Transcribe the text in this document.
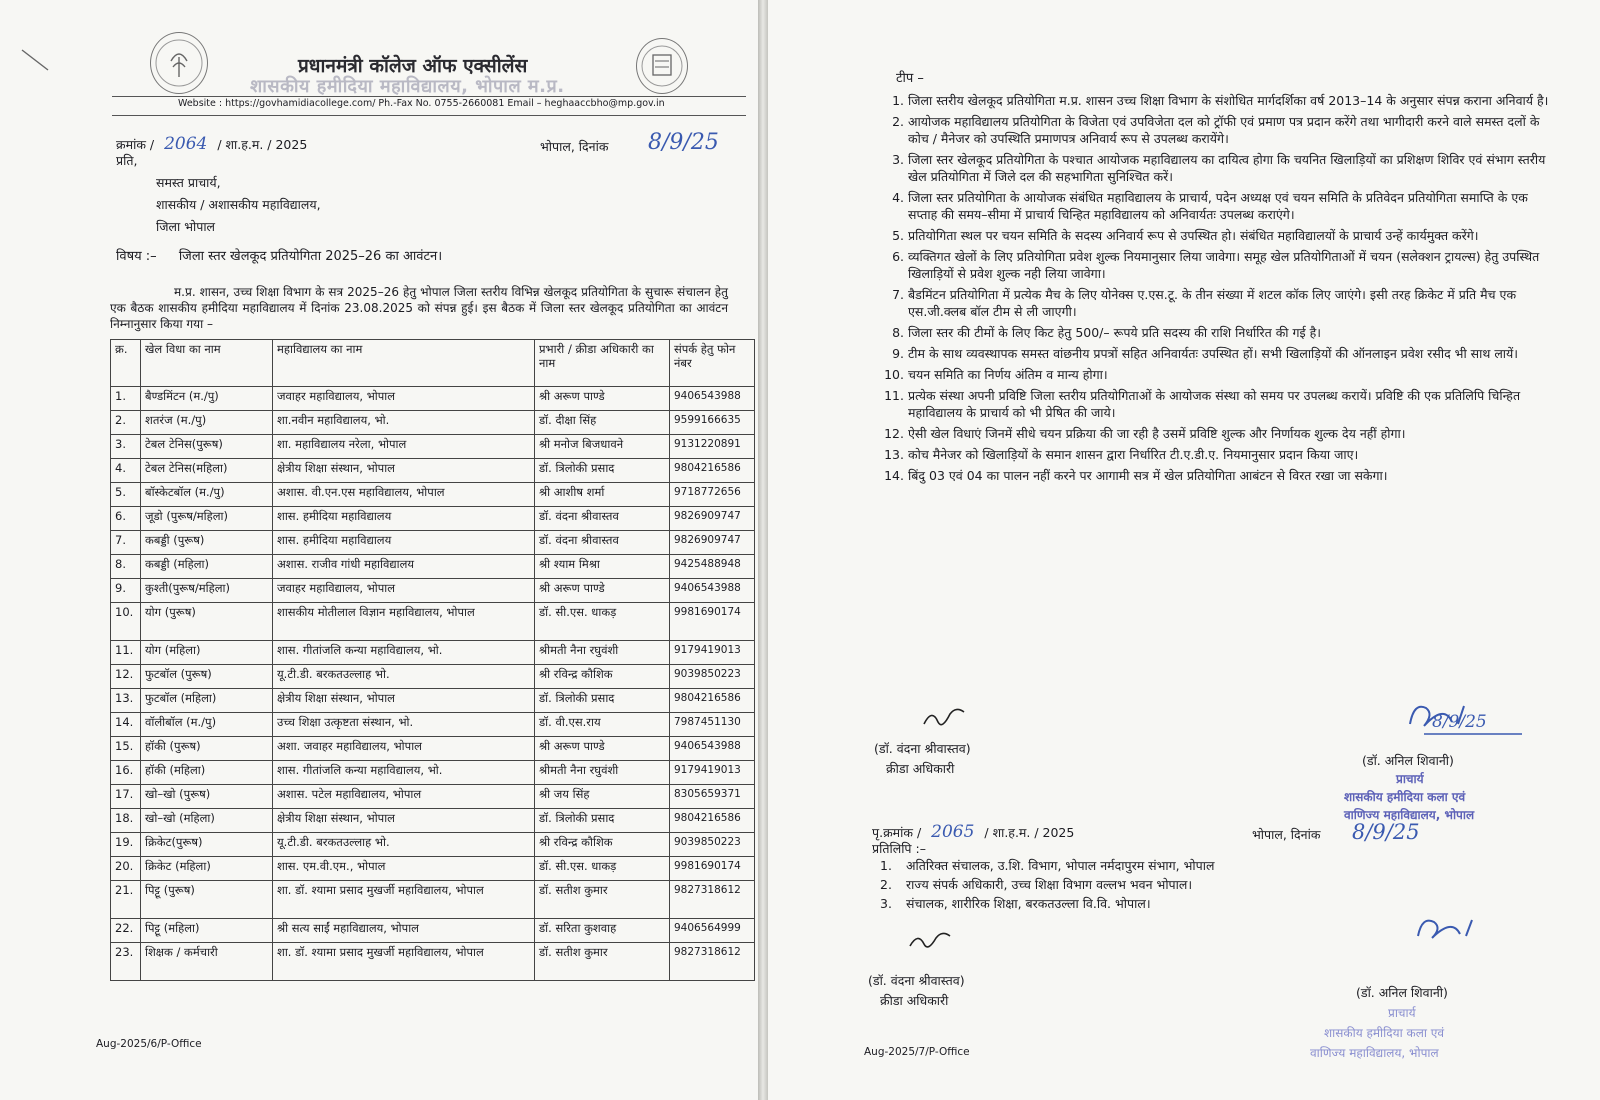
प्रधानमंत्री कॉलेज ऑफ एक्सीलेंस
शासकीय हमीदिया महाविद्यालय, भोपाल म.प्र.
Website : https://govhamidiacollege.com/ Ph.-Fax No. 0755-2660081 Email – heghaaccbho@mp.gov.in
क्रमांक / 2064 / शा.ह.म. / 2025	भोपाल, दिनांक 8/9/25
प्रति,
समस्त प्राचार्य,
शासकीय / अशासकीय महाविद्यालय,
जिला भोपाल
विषय :– जिला स्तर खेलकूद प्रतियोगिता 2025–26 का आवंटन।
म.प्र. शासन, उच्च शिक्षा विभाग के सत्र 2025–26 हेतु भोपाल जिला स्तरीय विभिन्न खेलकूद प्रतियोगिता के सुचारू संचालन हेतु एक बैठक शासकीय हमीदिया महाविद्यालय में दिनांक 23.08.2025 को संपन्न हुई। इस बैठक में जिला स्तर खेलकूद प्रतियोगिता का आवंटन निम्नानुसार किया गया –
क्र.	खेल विधा का नाम	महाविद्यालय का नाम	प्रभारी / क्रीडा अधिकारी का नाम	संपर्क हेतु फोन नंबर
1.	बैण्डमिंटन (म./पु)	जवाहर महाविद्यालय, भोपाल	श्री अरूण पाण्डे	9406543988
2.	शतरंज (म./पु)	शा.नवीन महाविद्यालय, भो.	डॉ. दीक्षा सिंह	9599166635
3.	टेबल टेनिस(पुरूष)	शा. महाविद्यालय नरेला, भोपाल	श्री मनोज बिजधावने	9131220891
4.	टेबल टेनिस(महिला)	क्षेत्रीय शिक्षा संस्थान, भोपाल	डॉ. त्रिलोकी प्रसाद	9804216586
5.	बॉस्केटबॉल (म./पु)	अशास. वी.एन.एस महाविद्यालय, भोपाल	श्री आशीष शर्मा	9718772656
6.	जूडो (पुरूष/महिला)	शास. हमीदिया महाविद्यालय	डॉ. वंदना श्रीवास्तव	9826909747
7.	कबड्डी (पुरूष)	शास. हमीदिया महाविद्यालय	डॉ. वंदना श्रीवास्तव	9826909747
8.	कबड्डी (महिला)	अशास. राजीव गांधी महाविद्यालय	श्री श्याम मिश्रा	9425488948
9.	कुश्ती(पुरूष/महिला)	जवाहर महाविद्यालय, भोपाल	श्री अरूण पाण्डे	9406543988
10.	योग (पुरूष)	शासकीय मोतीलाल विज्ञान महाविद्यालय, भोपाल	डॉ. सी.एस. धाकड़	9981690174
11.	योग (महिला)	शास. गीतांजलि कन्या महाविद्यालय, भो.	श्रीमती नैना रघुवंशी	9179419013
12.	फुटबॉल (पुरूष)	यू.टी.डी. बरकतउल्लाह भो.	श्री रविन्द्र कौशिक	9039850223
13.	फुटबॉल (महिला)	क्षेत्रीय शिक्षा संस्थान, भोपाल	डॉ. त्रिलोकी प्रसाद	9804216586
14.	वॉलीबॉल (म./पु)	उच्च शिक्षा उत्कृष्टता संस्थान, भो.	डॉ. वी.एस.राय	7987451130
15.	हॉकी (पुरूष)	अशा. जवाहर महाविद्यालय, भोपाल	श्री अरूण पाण्डे	9406543988
16.	हॉकी (महिला)	शास. गीतांजलि कन्या महाविद्यालय, भो.	श्रीमती नैना रघुवंशी	9179419013
17.	खो–खो (पुरूष)	अशास. पटेल महाविद्यालय, भोपाल	श्री जय सिंह	8305659371
18.	खो–खो (महिला)	क्षेत्रीय शिक्षा संस्थान, भोपाल	डॉ. त्रिलोकी प्रसाद	9804216586
19.	क्रिकेट(पुरूष)	यू.टी.डी. बरकतउल्लाह भो.	श्री रविन्द्र कौशिक	9039850223
20.	क्रिकेट (महिला)	शास. एम.वी.एम., भोपाल	डॉ. सी.एस. धाकड़	9981690174
21.	पिट्टू (पुरूष)	शा. डॉ. श्यामा प्रसाद मुखर्जी महाविद्यालय, भोपाल	डॉ. सतीश कुमार	9827318612
22.	पिट्टू (महिला)	श्री सत्य साईं महाविद्यालय, भोपाल	डॉ. सरिता कुशवाह	9406564999
23.	शिक्षक / कर्मचारी	शा. डॉ. श्यामा प्रसाद मुखर्जी महाविद्यालय, भोपाल	डॉ. सतीश कुमार	9827318612
Aug-2025/6/P-Office
टीप –
1. जिला स्तरीय खेलकूद प्रतियोगिता म.प्र. शासन उच्च शिक्षा विभाग के संशोधित मार्गदर्शिका वर्ष 2013–14 के अनुसार संपन्न कराना अनिवार्य है।
2. आयोजक महाविद्यालय प्रतियोगिता के विजेता एवं उपविजेता दल को ट्रॉफी एवं प्रमाण पत्र प्रदान करेंगे तथा भागीदारी करने वाले समस्त दलों के कोच / मैनेजर को उपस्थिति प्रमाणपत्र अनिवार्य रूप से उपलब्ध करायेंगे।
3. जिला स्तर खेलकूद प्रतियोगिता के पश्चात आयोजक महाविद्यालय का दायित्व होगा कि चयनित खिलाड़ियों का प्रशिक्षण शिविर एवं संभाग स्तरीय खेल प्रतियोगिता में जिले दल की सहभागिता सुनिश्चित करें।
4. जिला स्तर प्रतियोगिता के आयोजक संबंधित महाविद्यालय के प्राचार्य, पदेन अध्यक्ष एवं चयन समिति के प्रतिवेदन प्रतियोगिता समाप्ति के एक सप्ताह की समय–सीमा में प्राचार्य चिन्हित महाविद्यालय को अनिवार्यतः उपलब्ध कराएंगे।
5. प्रतियोगिता स्थल पर चयन समिति के सदस्य अनिवार्य रूप से उपस्थित हो। संबंधित महाविद्यालयों के प्राचार्य उन्हें कार्यमुक्त करेंगे।
6. व्यक्तिगत खेलों के लिए प्रतियोगिता प्रवेश शुल्क नियमानुसार लिया जावेगा। समूह खेल प्रतियोगिताओं में चयन (सलेक्शन ट्रायल्स) हेतु उपस्थित खिलाड़ियों से प्रवेश शुल्क नही लिया जावेगा।
7. बैडमिंटन प्रतियोगिता में प्रत्येक मैच के लिए योनेक्स ए.एस.टू. के तीन संख्या में शटल कॉक लिए जाएंगे। इसी तरह क्रिकेट में प्रति मैच एक एस.जी.क्लब बॉल टीम से ली जाएगी।
8. जिला स्तर की टीमों के लिए किट हेतु 500/– रूपये प्रति सदस्य की राशि निर्धारित की गई है।
9. टीम के साथ व्यवस्थापक समस्त वांछनीय प्रपत्रों सहित अनिवार्यतः उपस्थित हों। सभी खिलाड़ियों की ऑनलाइन प्रवेश रसीद भी साथ लायें।
10. चयन समिति का निर्णय अंतिम व मान्य होगा।
11. प्रत्येक संस्था अपनी प्रविष्टि जिला स्तरीय प्रतियोगिताओं के आयोजक संस्था को समय पर उपलब्ध करायें। प्रविष्टि की एक प्रतिलिपि चिन्हित महाविद्यालय के प्राचार्य को भी प्रेषित की जाये।
12. ऐसी खेल विधाएं जिनमें सीधे चयन प्रक्रिया की जा रही है उसमें प्रविष्टि शुल्क और निर्णायक शुल्क देय नहीं होगा।
13. कोच मैनेजर को खिलाड़ियों के समान शासन द्वारा निर्धारित टी.ए.डी.ए. नियमानुसार प्रदान किया जाए।
14. बिंदु 03 एवं 04 का पालन नहीं करने पर आगामी सत्र में खेल प्रतियोगिता आबंटन से विरत रखा जा सकेगा।
8/9/25
(डॉ. वंदना श्रीवास्तव)
क्रीडा अधिकारी
(डॉ. अनिल शिवानी)
प्राचार्य
शासकीय हमीदिया कला एवं
वाणिज्य महाविद्यालय, भोपाल
पृ.क्रमांक / 2065 / शा.ह.म. / 2025	भोपाल, दिनांक 8/9/25
प्रतिलिपि :–
1. अतिरिक्त संचालक, उ.शि. विभाग, भोपाल नर्मदापुरम संभाग, भोपाल
2. राज्य संपर्क अधिकारी, उच्च शिक्षा विभाग वल्लभ भवन भोपाल।
3. संचालक, शारीरिक शिक्षा, बरकतउल्ला वि.वि. भोपाल।
(डॉ. वंदना श्रीवास्तव)
क्रीडा अधिकारी
(डॉ. अनिल शिवानी)
प्राचार्य
शासकीय हमीदिया कला एवं
वाणिज्य महाविद्यालय, भोपाल
Aug-2025/7/P-Office
